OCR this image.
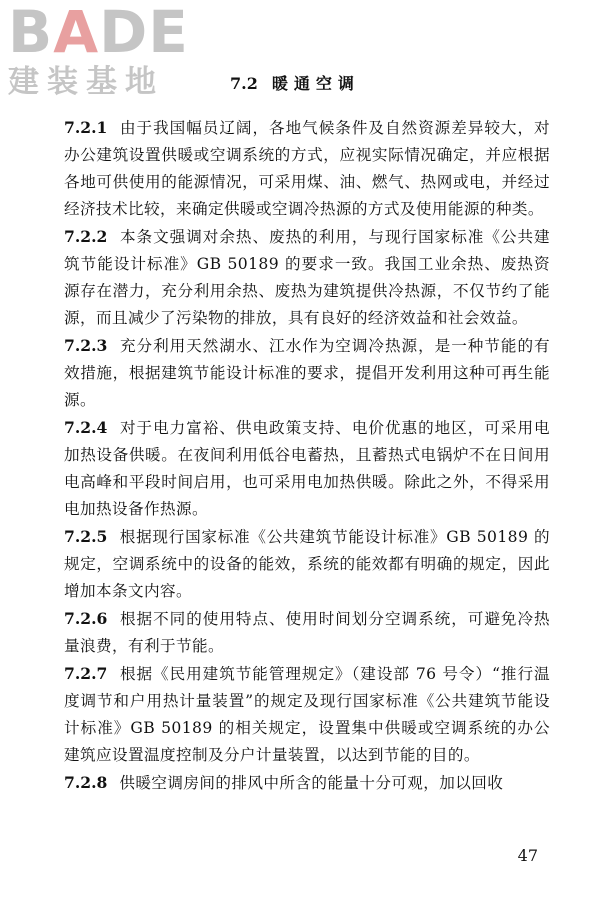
BADE
建装基地	7.2 暖通空调

7.2.1 由于我国幅员辽阔，各地气候条件及自然资源差异较大，对办公建筑设置供暖或空调系统的方式，应视实际情况确定，并应根据各地可供使用的能源情况，可采用煤、油、燃气、热网或电，并经过经济技术比较，来确定供暖或空调冷热源的方式及使用能源的种类。

7.2.2 本条文强调对余热、废热的利用，与现行国家标准《公共建筑节能设计标准》GB 50189 的要求一致。我国工业余热、废热资源存在潜力，充分利用余热、废热为建筑提供冷热源，不仅节约了能源，而且减少了污染物的排放，具有良好的经济效益和社会效益。

7.2.3 充分利用天然湖水、江水作为空调冷热源，是一种节能的有效措施，根据建筑节能设计标准的要求，提倡开发利用这种可再生能源。

7.2.4 对于电力富裕、供电政策支持、电价优惠的地区，可采用电加热设备供暖。在夜间利用低谷电蓄热，且蓄热式电锅炉不在日间用电高峰和平段时间启用，也可采用电加热供暖。除此之外，不得采用电加热设备作热源。

7.2.5 根据现行国家标准《公共建筑节能设计标准》GB 50189 的规定，空调系统中的设备的能效，系统的能效都有明确的规定，因此增加本条文内容。

7.2.6 根据不同的使用特点、使用时间划分空调系统，可避免冷热量浪费，有利于节能。

7.2.7 根据《民用建筑节能管理规定》（建设部 76 号令）“推行温度调节和户用热计量装置”的规定及现行国家标准《公共建筑节能设计标准》GB 50189 的相关规定，设置集中供暖或空调系统的办公建筑应设置温度控制及分户计量装置，以达到节能的目的。

7.2.8 供暖空调房间的排风中所含的能量十分可观，加以回收

47
